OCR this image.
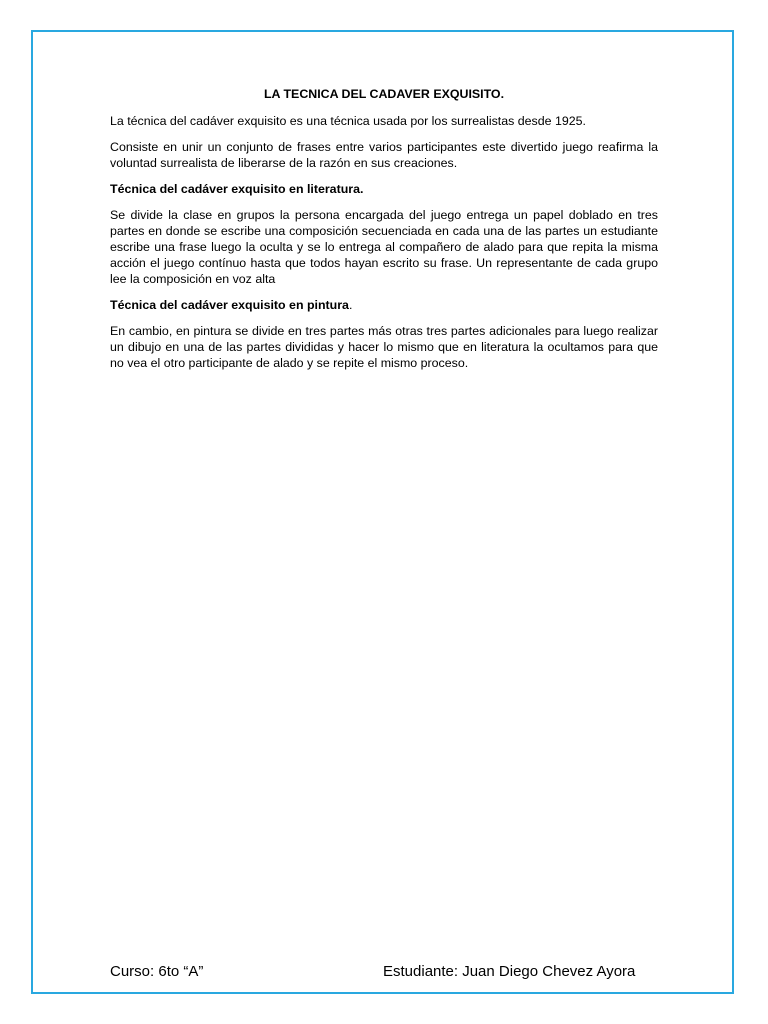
LA TECNICA DEL CADAVER EXQUISITO.

La técnica del cadáver exquisito es una técnica usada por los surrealistas desde 1925.

Consiste en unir un conjunto de frases entre varios participantes este divertido juego reafirma la voluntad surrealista de liberarse de la razón en sus creaciones.

Técnica del cadáver exquisito en literatura.

Se divide la clase en grupos la persona encargada del juego entrega un papel doblado en tres partes en donde se escribe una composición secuenciada en cada una de las partes un estudiante escribe una frase luego la oculta y se lo entrega al compañero de alado para que repita la misma acción el juego contínuo hasta que todos hayan escrito su frase. Un representante de cada grupo lee la composición en voz alta

Técnica del cadáver exquisito en pintura.

En cambio, en pintura se divide en tres partes más otras tres partes adicionales para luego realizar un dibujo en una de las partes divididas y hacer lo mismo que en literatura la ocultamos para que no vea el otro participante de alado y se repite el mismo proceso.

Curso: 6to “A”	Estudiante: Juan Diego Chevez Ayora
